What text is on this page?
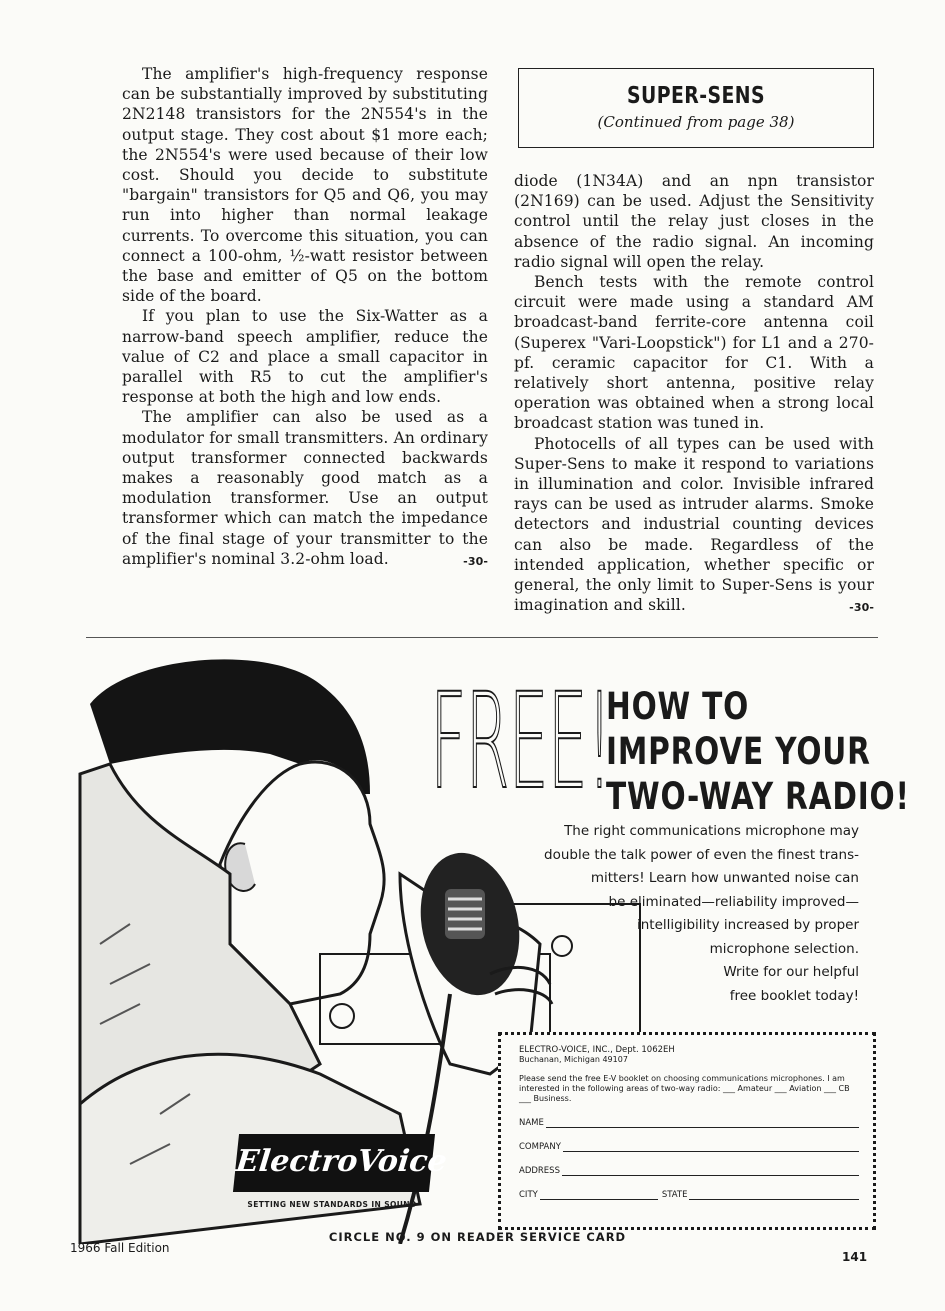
The amplifier's high-frequency response can be substantially improved by substituting 2N2148 transistors for the 2N554's in the output stage. They cost about $1 more each; the 2N554's were used because of their low cost. Should you decide to substitute "bargain" transistors for Q5 and Q6, you may run into higher than normal leakage currents. To overcome this situation, you can connect a 100-ohm, ½-watt resistor between the base and emitter of Q5 on the bottom side of the board.

If you plan to use the Six-Watter as a narrow-band speech amplifier, reduce the value of C2 and place a small capacitor in parallel with R5 to cut the amplifier's response at both the high and low ends.

The amplifier can also be used as a modulator for small transmitters. An ordinary output transformer connected backwards makes a reasonably good match as a modulation transformer. Use an output transformer which can match the impedance of the final stage of your transmitter to the amplifier's nominal 3.2-ohm load.	-30-

SUPER-SENS
(Continued from page 38)

diode (1N34A) and an npn transistor (2N169) can be used. Adjust the Sensitivity control until the relay just closes in the absence of the radio signal. An incoming radio signal will open the relay.

Bench tests with the remote control circuit were made using a standard AM broadcast-band ferrite-core antenna coil (Superex "Vari-Loopstick") for L1 and a 270-pf. ceramic capacitor for C1. With a relatively short antenna, positive relay operation was obtained when a strong local broadcast station was tuned in.

Photocells of all types can be used with Super-Sens to make it respond to variations in illumination and color. Invisible infrared rays can be used as intruder alarms. Smoke detectors and industrial counting devices can also be made. Regardless of the intended application, whether specific or general, the only limit to Super-Sens is your imagination and skill.	-30-

FREE!
HOW TO
IMPROVE YOUR
TWO-WAY RADIO!
The right communications microphone may
double the talk power of even the finest trans-
mitters! Learn how unwanted noise can
be eliminated—reliability improved—
intelligibility increased by proper
microphone selection.
Write for our helpful
free booklet today!
ELECTRO-VOICE, INC., Dept. 1062EH
Buchanan, Michigan 49107
Please send the free E-V booklet on choosing communications microphones. I am interested in the following areas of two-way radio: ___ Amateur ___ Aviation ___ CB ___ Business.
NAME
COMPANY
ADDRESS
CITY	STATE
ElectroVoice
SETTING NEW STANDARDS IN SOUND
CIRCLE NO. 9 ON READER SERVICE CARD
1966 Fall Edition
141
